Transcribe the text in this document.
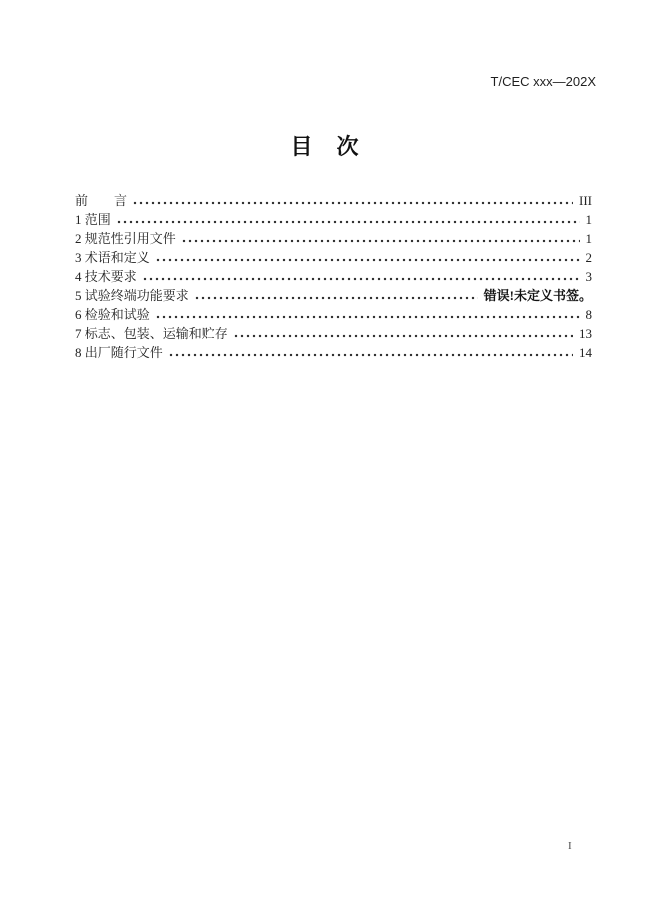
T/CEC xxx—202X
目　次
前　　言	III
1 范围	1
2 规范性引用文件	1
3 术语和定义	2
4 技术要求	3
5 试验终端功能要求	错误!未定义书签。
6 检验和试验	8
7 标志、包装、运输和贮存	13
8 出厂随行文件	14
I
